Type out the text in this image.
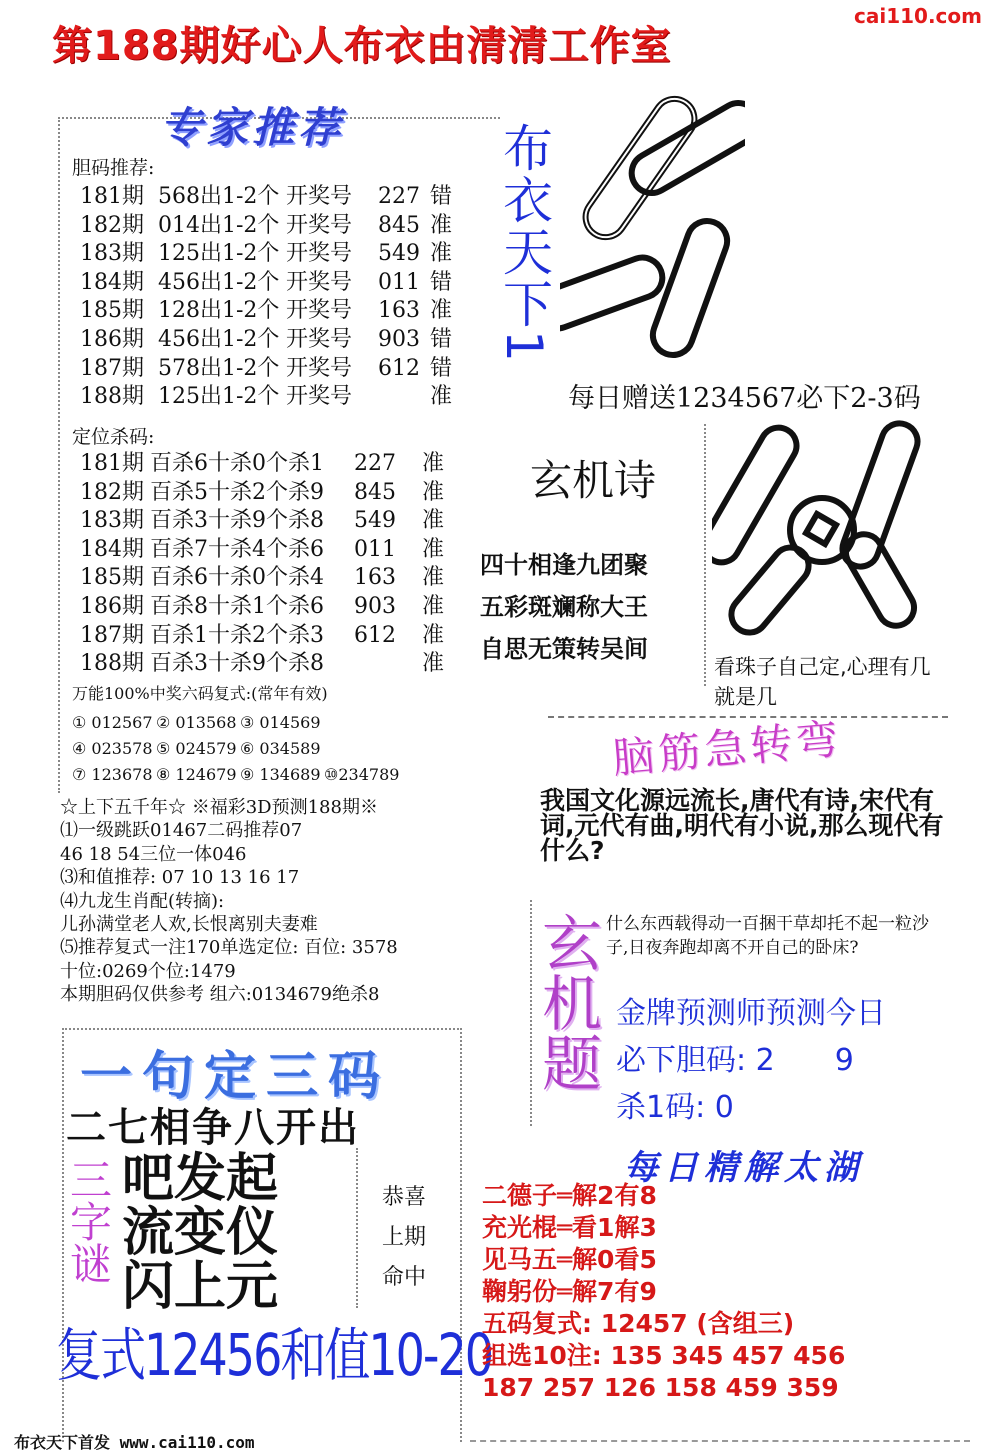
第188期好心人布衣由清清工作室
cai110.com
专家推荐
胆码推荐:
181期 568出1-2个 开奖号	227 错
182期 014出1-2个 开奖号	845 准
183期 125出1-2个 开奖号	549 准
184期 456出1-2个 开奖号	011 错
185期 128出1-2个 开奖号	163 准
186期 456出1-2个 开奖号	903 错
187期 578出1-2个 开奖号	612 错
188期 125出1-2个 开奖号	准
定位杀码:
181期 百杀6十杀0个杀1	227	准
182期 百杀5十杀2个杀9	845	准
183期 百杀3十杀9个杀8	549	准
184期 百杀7十杀4个杀6	011	准
185期 百杀6十杀0个杀4	163	准
186期 百杀8十杀1个杀6	903	准
187期 百杀1十杀2个杀3	612	准
188期 百杀3十杀9个杀8	准
万能100%中奖六码复式:(常年有效)
① 012567 ② 013568 ③ 014569
④ 023578 ⑤ 024579 ⑥ 034589
⑦ 123678 ⑧ 124679 ⑨ 134689 ⑩234789
布衣天下1
每日赠送1234567必下2-3码
玄机诗
四十相逢九团聚
五彩斑斓称大王
自思无策转吴间
看珠子自己定,心理有几就是几
☆上下五千年☆ ※福彩3D预测188期※
⑴一级跳跃01467二码推荐07
46 18 54三位一体046
⑶和值推荐: 07 10 13 16 17
⑷九龙生肖配(转摘):
儿孙满堂老人欢,长恨离别夫妻难
⑸推荐复式一注170单选定位: 百位: 3578
十位:0269个位:1479
本期胆码仅供参考 组六:0134679绝杀8
脑筋急转弯
我国文化源远流长,唐代有诗,宋代有词,元代有曲,明代有小说,那么现代有什么?
玄机题 什么东西载得动一百捆干草却托不起一粒沙子,日夜奔跑却离不开自己的卧床?
金牌预测师预测今日
必下胆码: 2　　9
杀1码: 0
一句定三码
二七相争八开出
三字谜 吧发起
流变仪
闪上元
恭喜
上期
命中
复式12456和值10-20
每日精解太湖
二德子═解2有8
充光棍═看1解3
见马五═解0看5
鞠躬份═解7有9
五码复式: 12457 (含组三)
组选10注: 135 345 457 456
187 257 126 158 459 359
布衣天下首发 www.cai110.com
